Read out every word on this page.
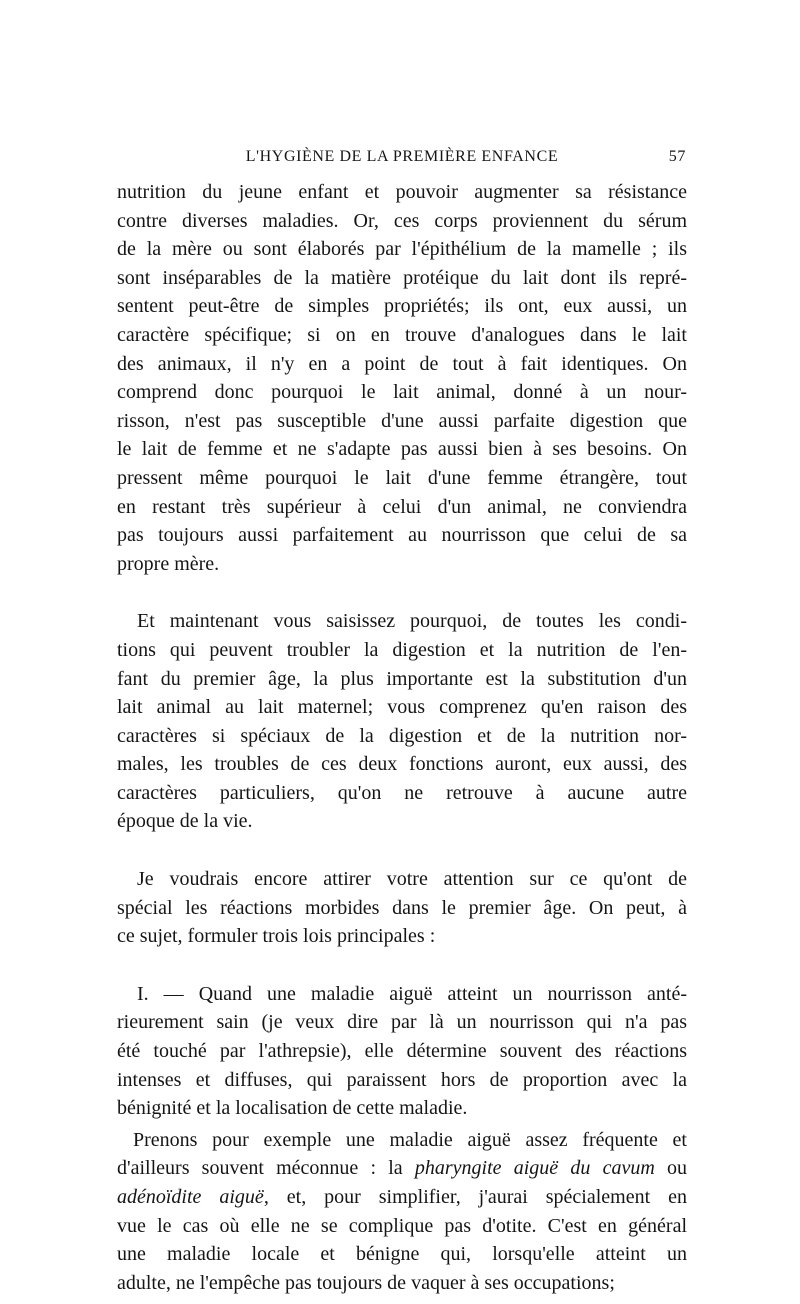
L'HYGIÈNE DE LA PREMIÈRE ENFANCE	57
nutrition du jeune enfant et pouvoir augmenter sa résistance
contre diverses maladies. Or, ces corps proviennent du sérum
de la mère ou sont élaborés par l'épithélium de la mamelle ; ils
sont inséparables de la matière protéique du lait dont ils repré-
sentent peut-être de simples propriétés; ils ont, eux aussi, un
caractère spécifique; si on en trouve d'analogues dans le lait
des animaux, il n'y en a point de tout à fait identiques. On
comprend donc pourquoi le lait animal, donné à un nour-
risson, n'est pas susceptible d'une aussi parfaite digestion que
le lait de femme et ne s'adapte pas aussi bien à ses besoins. On
pressent même pourquoi le lait d'une femme étrangère, tout
en restant très supérieur à celui d'un animal, ne conviendra
pas toujours aussi parfaitement au nourrisson que celui de sa
propre mère.
Et maintenant vous saisissez pourquoi, de toutes les condi-
tions qui peuvent troubler la digestion et la nutrition de l'en-
fant du premier âge, la plus importante est la substitution d'un
lait animal au lait maternel; vous comprenez qu'en raison des
caractères si spéciaux de la digestion et de la nutrition nor-
males, les troubles de ces deux fonctions auront, eux aussi, des
caractères particuliers, qu'on ne retrouve à aucune autre
époque de la vie.
Je voudrais encore attirer votre attention sur ce qu'ont de
spécial les réactions morbides dans le premier âge. On peut, à
ce sujet, formuler trois lois principales :
I. — Quand une maladie aiguë atteint un nourrisson anté-
rieurement sain (je veux dire par là un nourrisson qui n'a pas
été touché par l'athrepsie), elle détermine souvent des réactions
intenses et diffuses, qui paraissent hors de proportion avec la
bénignité et la localisation de cette maladie.
Prenons pour exemple une maladie aiguë assez fréquente et
d'ailleurs souvent méconnue : la pharyngite aiguë du cavum ou
adénoïdite aiguë, et, pour simplifier, j'aurai spécialement en
vue le cas où elle ne se complique pas d'otite. C'est en général
une maladie locale et bénigne qui, lorsqu'elle atteint un
adulte, ne l'empêche pas toujours de vaquer à ses occupations;
